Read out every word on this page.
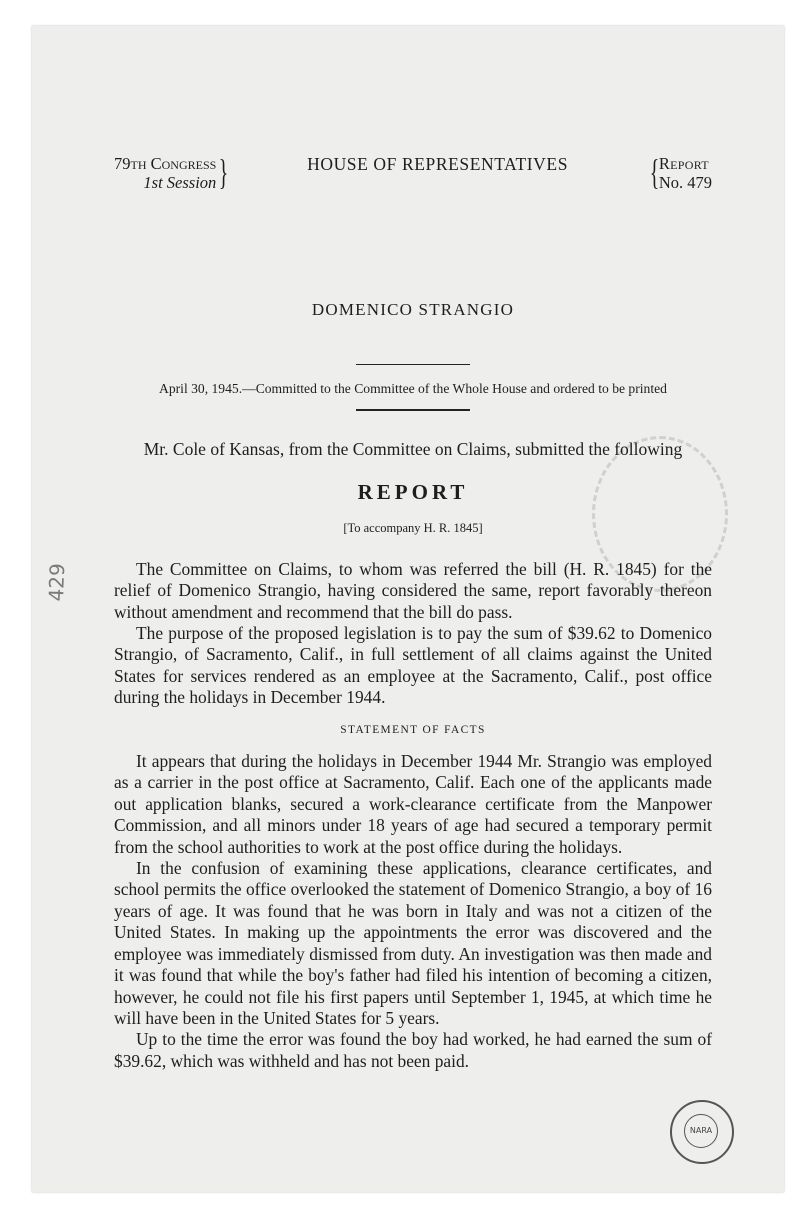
429
79th Congress
1st Session }	HOUSE OF REPRESENTATIVES	{ Report
No. 479
DOMENICO STRANGIO
April 30, 1945.—Committed to the Committee of the Whole House and ordered to be printed
Mr. Cole of Kansas, from the Committee on Claims, submitted the following
REPORT
[To accompany H. R. 1845]

The Committee on Claims, to whom was referred the bill (H. R. 1845) for the relief of Domenico Strangio, having considered the same, report favorably thereon without amendment and recommend that the bill do pass.

The purpose of the proposed legislation is to pay the sum of $39.62 to Domenico Strangio, of Sacramento, Calif., in full settlement of all claims against the United States for services rendered as an employee at the Sacramento, Calif., post office during the holidays in December 1944.

STATEMENT OF FACTS

It appears that during the holidays in December 1944 Mr. Strangio was employed as a carrier in the post office at Sacramento, Calif. Each one of the applicants made out application blanks, secured a work-clearance certificate from the Manpower Commission, and all minors under 18 years of age had secured a temporary permit from the school authorities to work at the post office during the holidays.

In the confusion of examining these applications, clearance certificates, and school permits the office overlooked the statement of Domenico Strangio, a boy of 16 years of age. It was found that he was born in Italy and was not a citizen of the United States. In making up the appointments the error was discovered and the employee was immediately dismissed from duty. An investigation was then made and it was found that while the boy's father had filed his intention of becoming a citizen, however, he could not file his first papers until September 1, 1945, at which time he will have been in the United States for 5 years.

Up to the time the error was found the boy had worked, he had earned the sum of $39.62, which was withheld and has not been paid.

NARA
